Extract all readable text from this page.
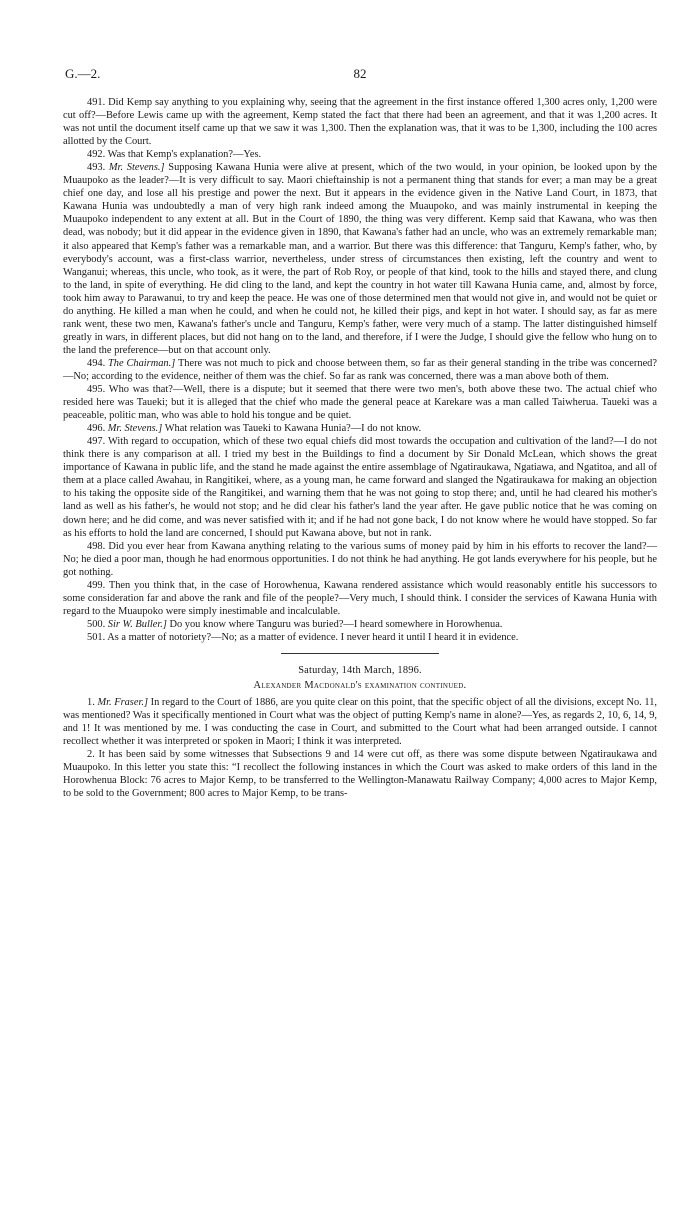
G.—2.	82

491. Did Kemp say anything to you explaining why, seeing that the agreement in the first instance offered 1,300 acres only, 1,200 were cut off?—Before Lewis came up with the agreement, Kemp stated the fact that there had been an agreement, and that it was 1,200 acres. It was not until the document itself came up that we saw it was 1,300. Then the explanation was, that it was to be 1,300, including the 100 acres allotted by the Court.

492. Was that Kemp's explanation?—Yes.

493. Mr. Stevens.] Supposing Kawana Hunia were alive at present, which of the two would, in your opinion, be looked upon by the Muaupoko as the leader?—It is very difficult to say. Maori chieftainship is not a permanent thing that stands for ever; a man may be a great chief one day, and lose all his prestige and power the next. But it appears in the evidence given in the Native Land Court, in 1873, that Kawana Hunia was undoubtedly a man of very high rank indeed among the Muaupoko, and was mainly instrumental in keeping the Muaupoko independent to any extent at all. But in the Court of 1890, the thing was very different. Kemp said that Kawana, who was then dead, was nobody; but it did appear in the evidence given in 1890, that Kawana's father had an uncle, who was an extremely remarkable man; it also appeared that Kemp's father was a remarkable man, and a warrior. But there was this difference: that Tanguru, Kemp's father, who, by everybody's account, was a first-class warrior, nevertheless, under stress of circumstances then existing, left the country and went to Wanganui; whereas, this uncle, who took, as it were, the part of Rob Roy, or people of that kind, took to the hills and stayed there, and clung to the land, in spite of everything. He did cling to the land, and kept the country in hot water till Kawana Hunia came, and, almost by force, took him away to Parawanui, to try and keep the peace. He was one of those determined men that would not give in, and would not be quiet or do anything. He killed a man when he could, and when he could not, he killed their pigs, and kept in hot water. I should say, as far as mere rank went, these two men, Kawana's father's uncle and Tanguru, Kemp's father, were very much of a stamp. The latter distinguished himself greatly in wars, in different places, but did not hang on to the land, and therefore, if I were the Judge, I should give the fellow who hung on to the land the preference—but on that account only.

494. The Chairman.] There was not much to pick and choose between them, so far as their general standing in the tribe was concerned?—No; according to the evidence, neither of them was the chief. So far as rank was concerned, there was a man above both of them.

495. Who was that?—Well, there is a dispute; but it seemed that there were two men's, both above these two. The actual chief who resided here was Taueki; but it is alleged that the chief who made the general peace at Karekare was a man called Taiwherua. Taueki was a peaceable, politic man, who was able to hold his tongue and be quiet.

496. Mr. Stevens.] What relation was Taueki to Kawana Hunia?—I do not know.

497. With regard to occupation, which of these two equal chiefs did most towards the occupation and cultivation of the land?—I do not think there is any comparison at all. I tried my best in the Buildings to find a document by Sir Donald McLean, which shows the great importance of Kawana in public life, and the stand he made against the entire assemblage of Ngatiraukawa, Ngatiawa, and Ngatitoa, and all of them at a place called Awahau, in Rangitikei, where, as a young man, he came forward and slanged the Ngatiraukawa for making an objection to his taking the opposite side of the Rangitikei, and warning them that he was not going to stop there; and, until he had cleared his mother's land as well as his father's, he would not stop; and he did clear his father's land the year after. He gave public notice that he was coming on down here; and he did come, and was never satisfied with it; and if he had not gone back, I do not know where he would have stopped. So far as his efforts to hold the land are concerned, I should put Kawana above, but not in rank.

498. Did you ever hear from Kawana anything relating to the various sums of money paid by him in his efforts to recover the land?—No; he died a poor man, though he had enormous opportunities. I do not think he had anything. He got lands everywhere for his people, but he got nothing.

499. Then you think that, in the case of Horowhenua, Kawana rendered assistance which would reasonably entitle his successors to some consideration far and above the rank and file of the people?—Very much, I should think. I consider the services of Kawana Hunia with regard to the Muaupoko were simply inestimable and incalculable.

500. Sir W. Buller.] Do you know where Tanguru was buried?—I heard somewhere in Horowhenua.

501. As a matter of notoriety?—No; as a matter of evidence. I never heard it until I heard it in evidence.

Saturday, 14th March, 1896.
Alexander Macdonald's examination continued.

1. Mr. Fraser.] In regard to the Court of 1886, are you quite clear on this point, that the specific object of all the divisions, except No. 11, was mentioned? Was it specifically mentioned in Court what was the object of putting Kemp's name in alone?—Yes, as regards 2, 10, 6, 14, 9, and 1! It was mentioned by me. I was conducting the case in Court, and submitted to the Court what had been arranged outside. I cannot recollect whether it was interpreted or spoken in Maori; I think it was interpreted.

2. It has been said by some witnesses that Subsections 9 and 14 were cut off, as there was some dispute between Ngatiraukawa and Muaupoko. In this letter you state this: “I recollect the following instances in which the Court was asked to make orders of this land in the Horowhenua Block: 76 acres to Major Kemp, to be transferred to the Wellington-Manawatu Railway Company; 4,000 acres to Major Kemp, to be sold to the Government; 800 acres to Major Kemp, to be trans-
